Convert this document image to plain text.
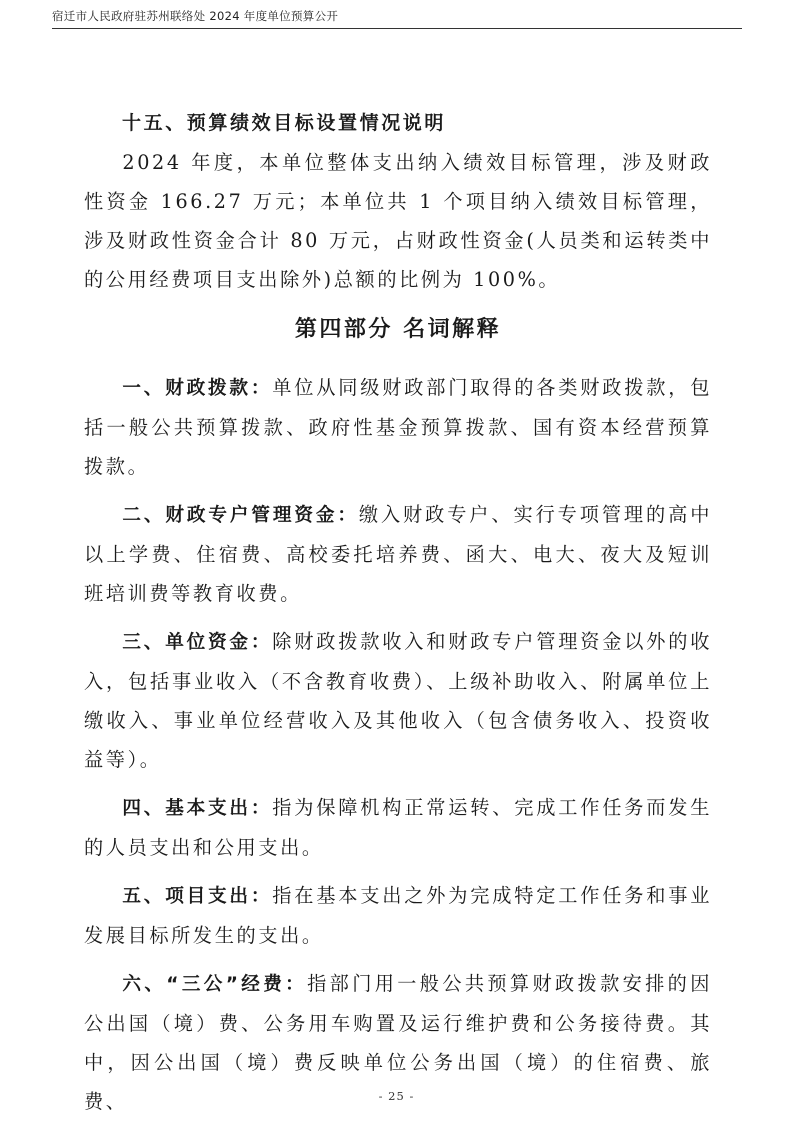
宿迁市人民政府驻苏州联络处 2024 年度单位预算公开

十五、预算绩效目标设置情况说明

2024 年度，本单位整体支出纳入绩效目标管理，涉及财政性资金 166.27 万元；本单位共 1 个项目纳入绩效目标管理，涉及财政性资金合计 80 万元，占财政性资金(人员类和运转类中的公用经费项目支出除外)总额的比例为 100%。

第四部分 名词解释

一、财政拨款：单位从同级财政部门取得的各类财政拨款，包括一般公共预算拨款、政府性基金预算拨款、国有资本经营预算拨款。

二、财政专户管理资金：缴入财政专户、实行专项管理的高中以上学费、住宿费、高校委托培养费、函大、电大、夜大及短训班培训费等教育收费。

三、单位资金：除财政拨款收入和财政专户管理资金以外的收入，包括事业收入（不含教育收费）、上级补助收入、附属单位上缴收入、事业单位经营收入及其他收入（包含债务收入、投资收益等）。

四、基本支出：指为保障机构正常运转、完成工作任务而发生的人员支出和公用支出。

五、项目支出：指在基本支出之外为完成特定工作任务和事业发展目标所发生的支出。

六、“三公”经费：指部门用一般公共预算财政拨款安排的因公出国（境）费、公务用车购置及运行维护费和公务接待费。其中，因公出国（境）费反映单位公务出国（境）的住宿费、旅费、	- 25 -
